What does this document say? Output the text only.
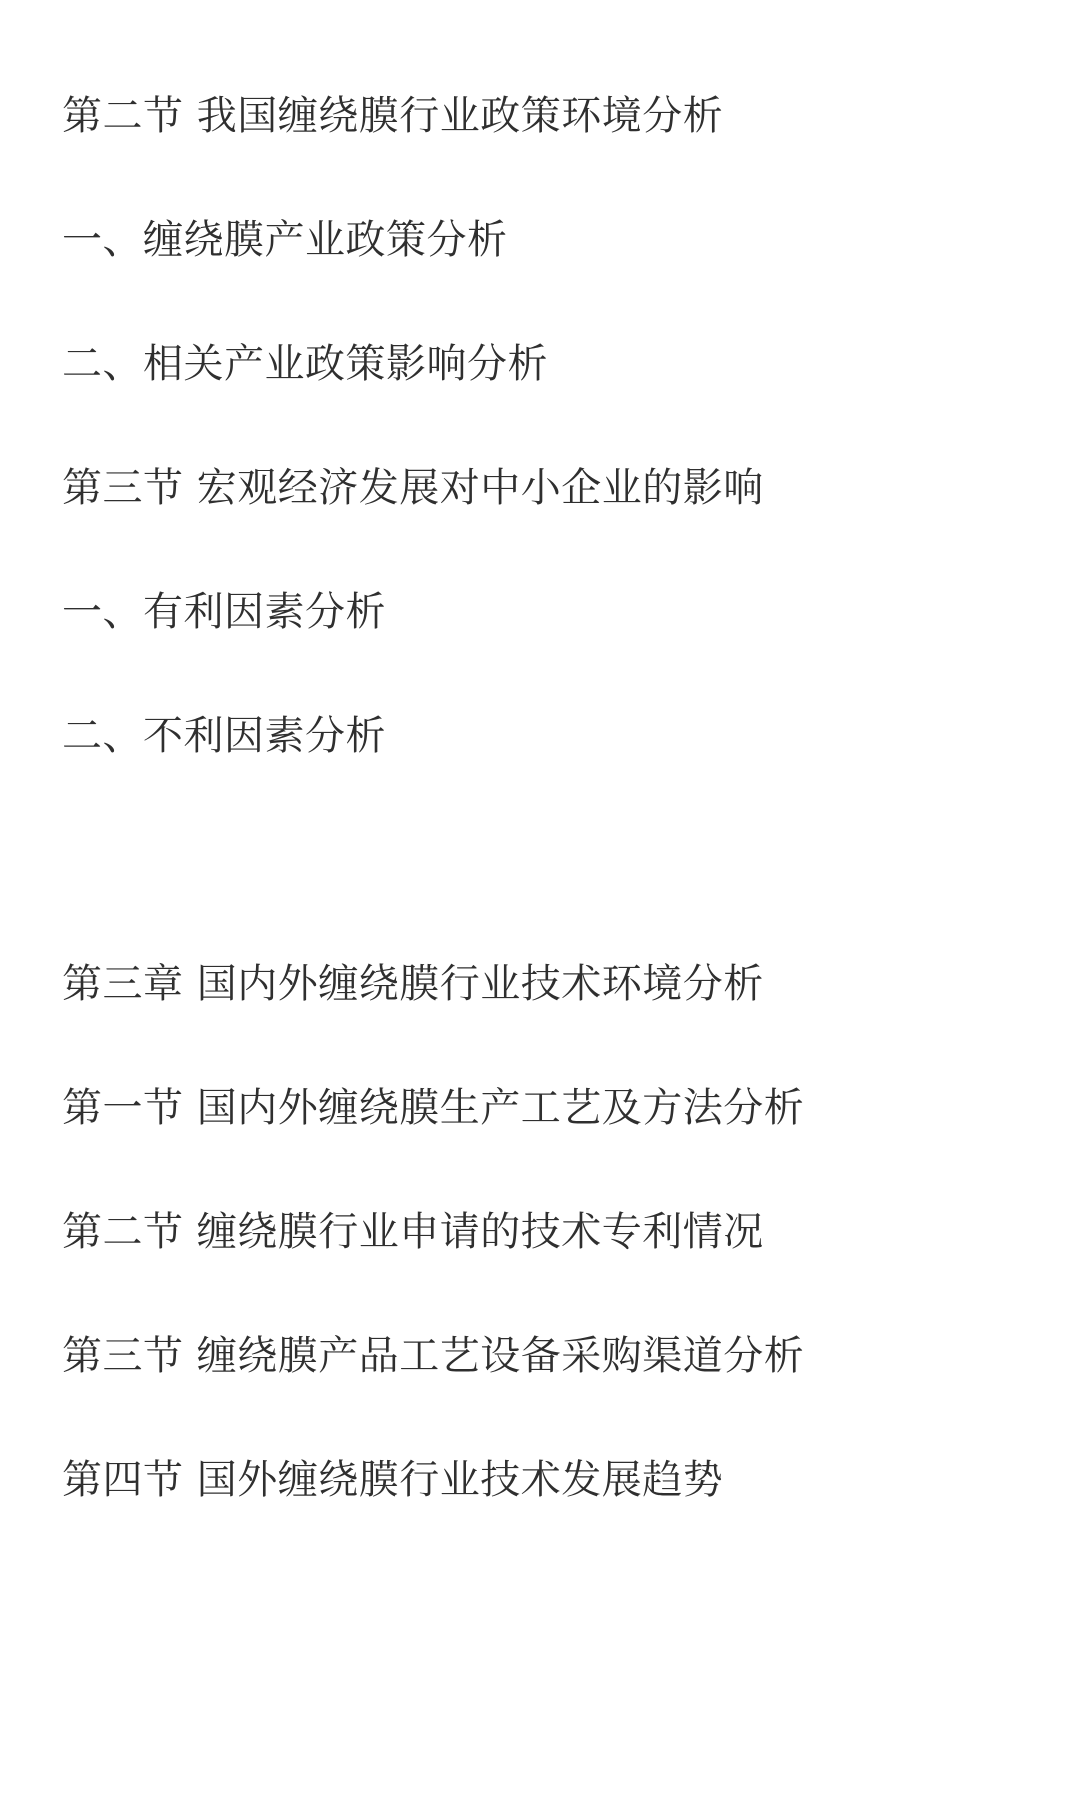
第二节 我国缠绕膜行业政策环境分析
一、缠绕膜产业政策分析
二、相关产业政策影响分析
第三节 宏观经济发展对中小企业的影响
一、有利因素分析
二、不利因素分析
第三章 国内外缠绕膜行业技术环境分析
第一节 国内外缠绕膜生产工艺及方法分析
第二节 缠绕膜行业申请的技术专利情况
第三节 缠绕膜产品工艺设备采购渠道分析
第四节 国外缠绕膜行业技术发展趋势
